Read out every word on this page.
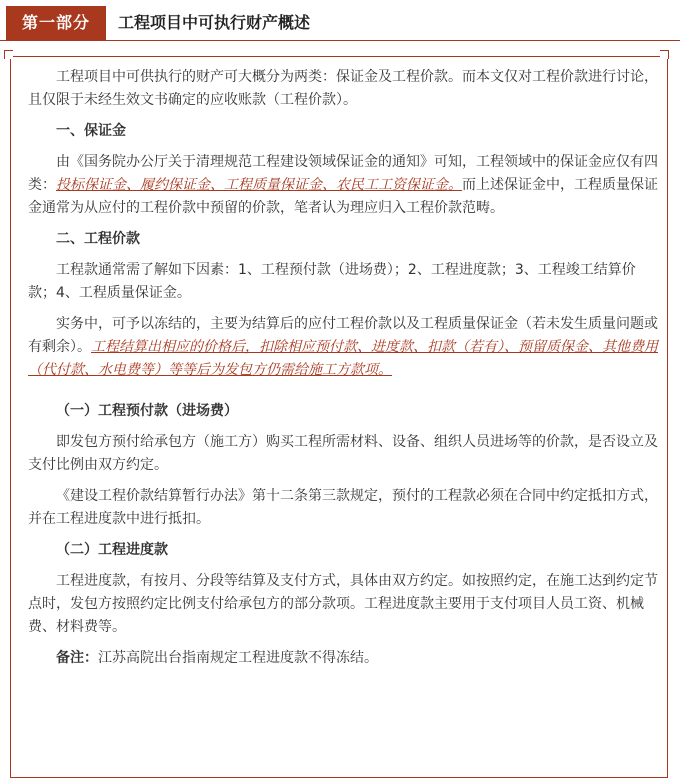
第一部分	工程项目中可执行财产概述

工程项目中可供执行的财产可大概分为两类：保证金及工程价款。而本文仅对工程价款进行讨论，且仅限于未经生效文书确定的应收账款（工程价款）。

一、保证金

由《国务院办公厅关于清理规范工程建设领域保证金的通知》可知，工程领域中的保证金应仅有四类：投标保证金、履约保证金、工程质量保证金、农民工工资保证金。而上述保证金中，工程质量保证金通常为从应付的工程价款中预留的价款，笔者认为理应归入工程价款范畴。

二、工程价款

工程款通常需了解如下因素：1、工程预付款（进场费）；2、工程进度款；3、工程竣工结算价款；4、工程质量保证金。

实务中，可予以冻结的，主要为结算后的应付工程价款以及工程质量保证金（若未发生质量问题或有剩余）。工程结算出相应的价格后，扣除相应预付款、进度款、扣款（若有）、预留质保金、其他费用（代付款、水电费等）等等后为发包方仍需给施工方款项。

（一）工程预付款（进场费）

即发包方预付给承包方（施工方）购买工程所需材料、设备、组织人员进场等的价款，是否设立及支付比例由双方约定。

《建设工程价款结算暂行办法》第十二条第三款规定，预付的工程款必须在合同中约定抵扣方式，并在工程进度款中进行抵扣。

（二）工程进度款

工程进度款，有按月、分段等结算及支付方式，具体由双方约定。如按照约定，在施工达到约定节点时，发包方按照约定比例支付给承包方的部分款项。工程进度款主要用于支付项目人员工资、机械费、材料费等。

备注：江苏高院出台指南规定工程进度款不得冻结。
